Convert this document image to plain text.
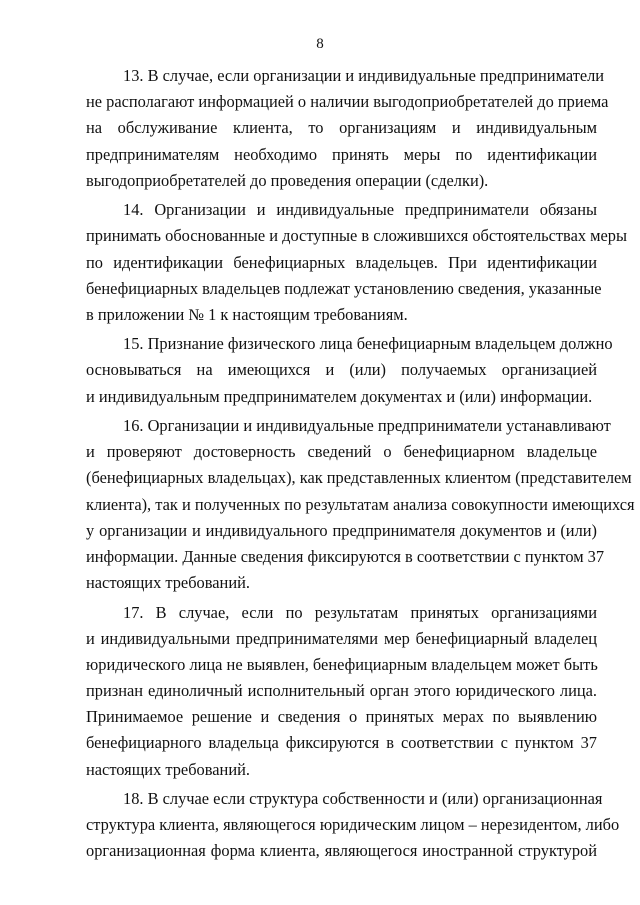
8
13. В случае, если организации и индивидуальные предприниматели
не располагают информацией о наличии выгодоприобретателей до приема
на обслуживание клиента, то организациям и индивидуальным
предпринимателям необходимо принять меры по идентификации
выгодоприобретателей до проведения операции (сделки).
14. Организации и индивидуальные предприниматели обязаны
принимать обоснованные и доступные в сложившихся обстоятельствах меры
по идентификации бенефициарных владельцев. При идентификации
бенефициарных владельцев подлежат установлению сведения, указанные
в приложении № 1 к настоящим требованиям.
15. Признание физического лица бенефициарным владельцем должно
основываться на имеющихся и (или) получаемых организацией
и индивидуальным предпринимателем документах и (или) информации.
16. Организации и индивидуальные предприниматели устанавливают
и проверяют достоверность сведений о бенефициарном владельце
(бенефициарных владельцах), как представленных клиентом (представителем
клиента), так и полученных по результатам анализа совокупности имеющихся
у организации и индивидуального предпринимателя документов и (или)
информации. Данные сведения фиксируются в соответствии с пунктом 37
настоящих требований.
17. В случае, если по результатам принятых организациями
и индивидуальными предпринимателями мер бенефициарный владелец
юридического лица не выявлен, бенефициарным владельцем может быть
признан единоличный исполнительный орган этого юридического лица.
Принимаемое решение и сведения о принятых мерах по выявлению
бенефициарного владельца фиксируются в соответствии с пунктом 37
настоящих требований.
18. В случае если структура собственности и (или) организационная
структура клиента, являющегося юридическим лицом – нерезидентом, либо
организационная форма клиента, являющегося иностранной структурой
